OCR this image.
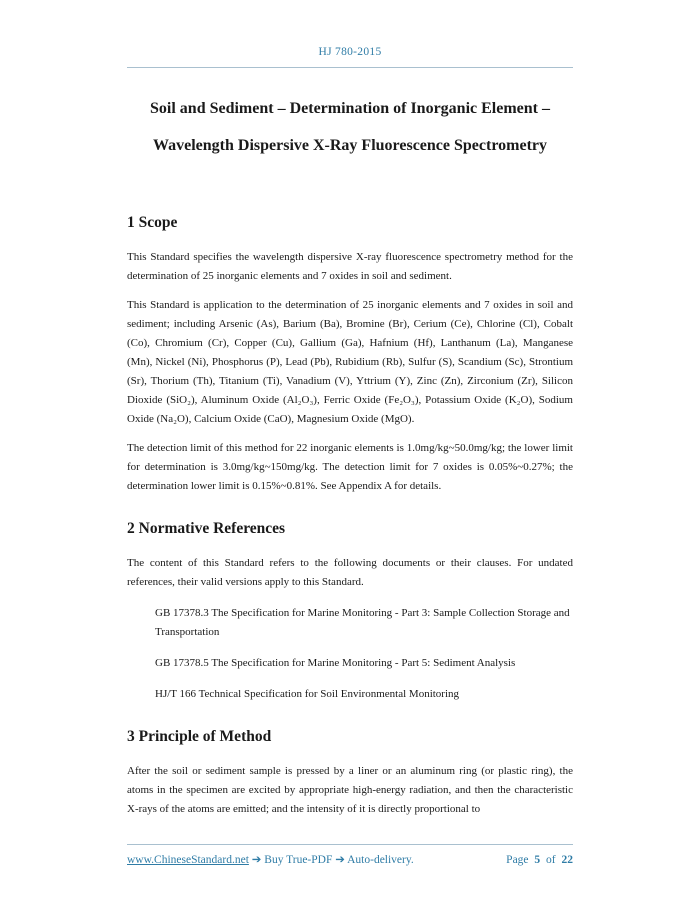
HJ 780-2015
Soil and Sediment – Determination of Inorganic Element –
Wavelength Dispersive X-Ray Fluorescence Spectrometry
1 Scope

This Standard specifies the wavelength dispersive X-ray fluorescence spectrometry method for the determination of 25 inorganic elements and 7 oxides in soil and sediment.

This Standard is application to the determination of 25 inorganic elements and 7 oxides in soil and sediment; including Arsenic (As), Barium (Ba), Bromine (Br), Cerium (Ce), Chlorine (Cl), Cobalt (Co), Chromium (Cr), Copper (Cu), Gallium (Ga), Hafnium (Hf), Lanthanum (La), Manganese (Mn), Nickel (Ni), Phosphorus (P), Lead (Pb), Rubidium (Rb), Sulfur (S), Scandium (Sc), Strontium (Sr), Thorium (Th), Titanium (Ti), Vanadium (V), Yttrium (Y), Zinc (Zn), Zirconium (Zr), Silicon Dioxide (SiO₂), Aluminum Oxide (Al₂O₃), Ferric Oxide (Fe₂O₃), Potassium Oxide (K₂O), Sodium Oxide (Na₂O), Calcium Oxide (CaO), Magnesium Oxide (MgO).

The detection limit of this method for 22 inorganic elements is 1.0mg/kg~50.0mg/kg; the lower limit for determination is 3.0mg/kg~150mg/kg. The detection limit for 7 oxides is 0.05%~0.27%; the determination lower limit is 0.15%~0.81%. See Appendix A for details.

2 Normative References

The content of this Standard refers to the following documents or their clauses. For undated references, their valid versions apply to this Standard.

GB 17378.3 The Specification for Marine Monitoring - Part 3: Sample Collection Storage and Transportation

GB 17378.5 The Specification for Marine Monitoring - Part 5: Sediment Analysis

HJ/T 166 Technical Specification for Soil Environmental Monitoring

3 Principle of Method

After the soil or sediment sample is pressed by a liner or an aluminum ring (or plastic ring), the atoms in the specimen are excited by appropriate high-energy radiation, and then the characteristic X-rays of the atoms are emitted; and the intensity of it is directly proportional to

www.ChineseStandard.net ➔ Buy True-PDF ➔ Auto-delivery.	Page 5 of 22
